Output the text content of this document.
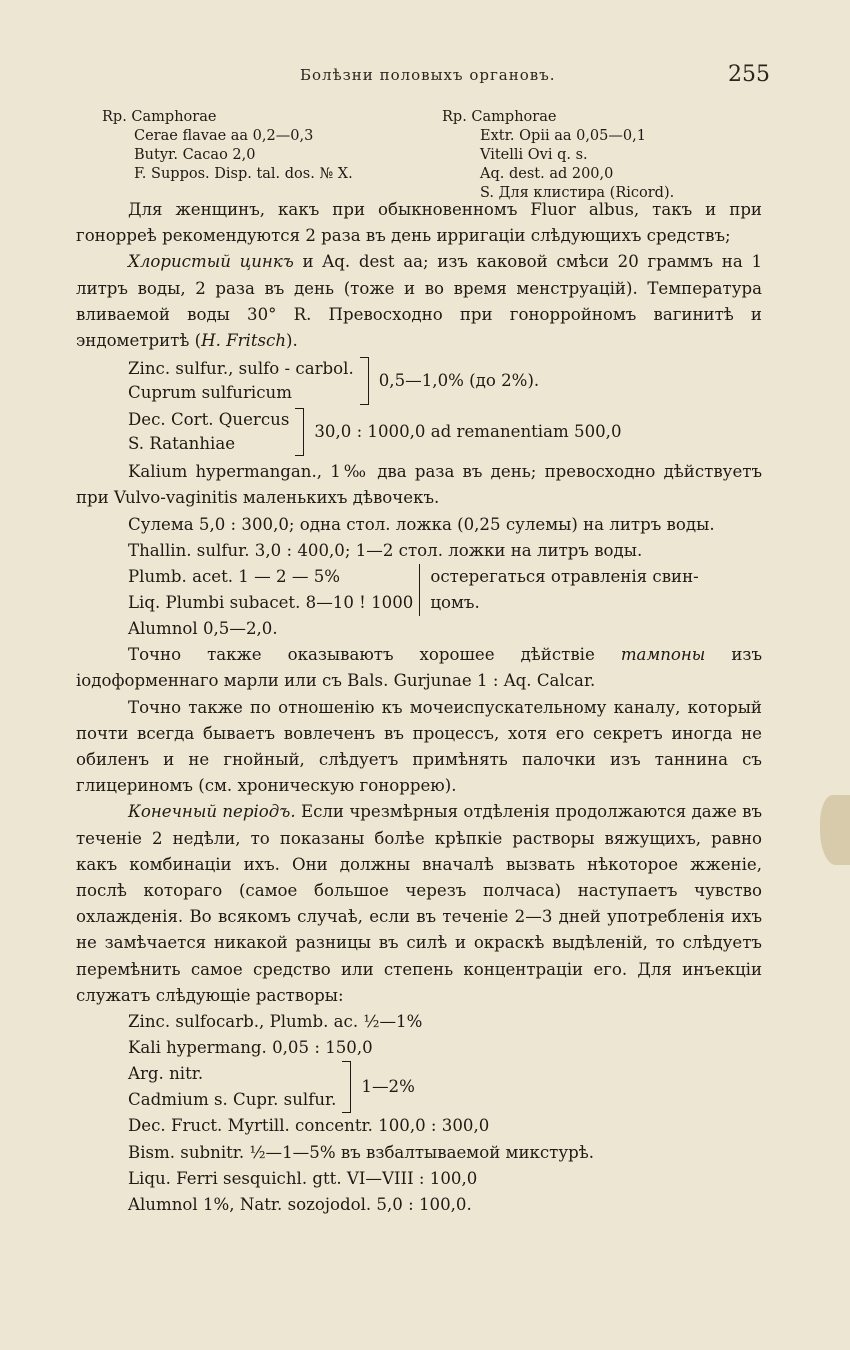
Болѣзни половыхъ органовъ.	255
Rp. Camphorae
Cerae flavae aa 0,2—0,3
Butyr. Cacao 2,0
F. Suppos. Disp. tal. dos. № X.
Rp. Camphorae
Extr. Opii aa 0,05—0,1
Vitelli Ovi q. s.
Aq. dest. ad 200,0
S. Для клистира (Ricord).

Для женщинъ, какъ при обыкновенномъ Fluor albus, такъ и при гонорреѣ рекомендуются 2 раза въ день ирригаціи слѣдующихъ средствъ;

Хлористый цинкъ и Aq. dest aa; изъ каковой смѣси 20 граммъ на 1 литръ воды, 2 раза въ день (тоже и во время менструацій). Температура вливаемой воды 30° R. Превосходно при гонорройномъ вагинитѣ и эндометритѣ (H. Fritsch).

Zinc. sulfur., sulfo - carbol.
Cuprum sulfuricum
0,5—1,0% (до 2%).
Dec. Cort. Quercus
S. Ratanhiae
30,0 : 1000,0 ad remanentiam 500,0

Kalium hypermangan., 1‰ два раза въ день; превосходно дѣйствуетъ при Vulvo-vaginitis маленькихъ дѣвочекъ.

Сулема 5,0 : 300,0; одна стол. ложка (0,25 сулемы) на литръ воды.

Thallin. sulfur. 3,0 : 400,0; 1—2 стол. ложки на литръ воды.
Plumb. acet. 1 — 2 — 5%
Liq. Plumbi subacet. 8—10 ! 1000
остерегаться отравленія свин-
цомъ.
Alumnol 0,5—2,0.

Точно также оказываютъ хорошее дѣйствіе тампоны изъ іодоформеннаго марли или съ Bals. Gurjunae 1 : Aq. Calcar.

Точно также по отношенію къ мочеиспускательному каналу, который почти всегда бываетъ вовлеченъ въ процессъ, хотя его секретъ иногда не обиленъ и не гнойный, слѣдуетъ примѣнять палочки изъ таннина съ глицериномъ (см. хроническую гоноррею).

Конечный періодъ. Если чрезмѣрныя отдѣленія продолжаются даже въ теченіе 2 недѣли, то показаны болѣе крѣпкіе растворы вяжущихъ, равно какъ комбинаціи ихъ. Они должны вначалѣ вызвать нѣкоторое жженіе, послѣ котораго (самое большое черезъ полчаса) наступаетъ чувство охлажденія. Во всякомъ случаѣ, если въ теченіе 2—3 дней употребленія ихъ не замѣчается никакой разницы въ силѣ и окраскѣ выдѣленій, то слѣдуетъ перемѣнить самое средство или степень концентраціи его. Для инъекціи служатъ слѣдующіе растворы:

Zinc. sulfocarb., Plumb. ac. ½—1%
Kali hypermang. 0,05 : 150,0
Arg. nitr.
Cadmium s. Cupr. sulfur.
1—2%
Dec. Fruct. Myrtill. concentr. 100,0 : 300,0
Bism. subnitr. ½—1—5% въ взбалтываемой микстурѣ.
Liqu. Ferri sesquichl. gtt. VI—VIII : 100,0
Alumnol 1%, Natr. sozojodol. 5,0 : 100,0.
